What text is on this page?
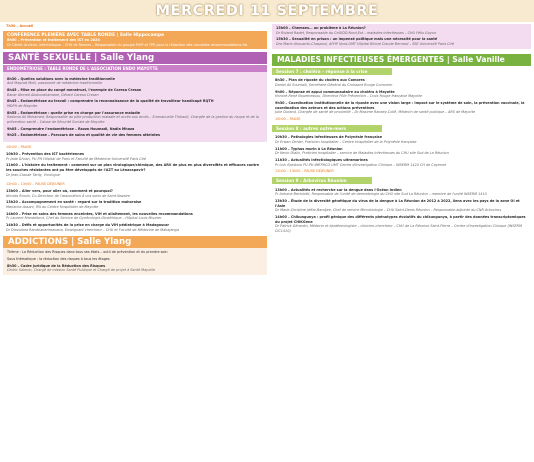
MERCREDI 11 SEPTEMBRE
7h30 – Accueil
CONFÉRENCE PLENIÈRE AVEC TABLE RONDE | Salle Hippocampe
8h00 – Prévention et traitement des IST en 2024
Dr Cédric Arvieux, infectiologue – CHU de Rennes – Responsable du groupe PrEP et TPE pour la rédaction des nouvelles recommandations HA
SANTÉ SEXUELLE | Salle Ylang
ENDOMÉTRIOSE : TABLE RONDE DE L'ASSOCIATION ENDO MAYOTTE
8h30 – Quelles solutions avec la médecine traditionnelle
Anli Magnat Moili, passionné de médecine traditionnelle
8h45 – Mise en place du congé menstruel, l'exemple de Caresa Cresan
Bacar Ahmed Abdourahamane, Gérant Caresa Cresan
8h45 – Endométriose au travail : comprendre la reconnaissance de la qualité de travailleur handicapé RQTH
MDPH de Mayotte
8h55 – Endométriose : quelle prise en charge par l'assurance maladie
Rashma Ali Mohamed, Responsable du pôle production maladie et accès aux droits – Emmanuelle Thibault, Chargée de la gestion du risque et de la prévention santé – Caisse de Sécurité Sociale de Mayotte
9h05 – Comprendre l'endométriose – Razza Houmadi, Nadia Mhaza
9h25 – Endométriose – Parcours de soins et qualité de vie des femmes atteintes
10h00 – PAUSE
10h30 – Prévention des IST bactériennes
Pr Jade Ghosn, PU-PH Hôpital de Paris et Faculté de Médecine Université Paris Cité
11h00 – L'histoire du traitement : comment sur un plan virologique/chimique, des ARV de plus en plus diversifiés et efficaces contre les souches résistantes ont pu être développés de l'AZT au Lénacapavir?
Dr Jean-Claude Tardy, Virologue
12h00 – 13h00 – PAUSE DÉJEUNER
13h00 – Aller vers, pour aller où, comment et pourquoi?
Nicolas Riouin, Co-Directeur de l'association À vos soins de Saint Nazaire
13h20 – Accompagnement en santé : regard sur la tradition mahoraise
Mariacha Assani, IPA au Centre Hospitalier de Mayotte
14h00 – Prise en soins des femmes enceintes, VIH et allaitement, les nouvelles recommandations
Pr Laurent Mandelbrot, Chef du Service de Gynécologie-Obstétrique – Hôpital Louis Mourier
14h30 – Défis et opportunités de la prise en charge du VIH pédiatrique à Madagascar
Dr Diavolana Randrianarimanana, Enseignant chercheur – CHU et Faculté de Médecine de Mahajanga
ADDICTIONS | Salle Ylang
Thème : La Réduction des Risques dans tous ses états – outil de prévention et du prendre soin
Sous thématique : la réduction des risques à tous les étages
8h30 – Cadre juridique de la Réduction des Risques
Cédric Salmon, Chargé de mission Santé Publique et Chargé de projet à Santé Mayotte
15h00 – Chemsex… un problème à La Réunion?
Dr Roland Radet, Responsable du CeGIDD Nord-Est – maladies infectieuses – CHU Félix Guyon
15h30 – Sexualité en prison : un impensé politique mais une nécessité pour la santé
Dra Marie Ahouanto-Chaspoul, APHP Nord-UMT Hôpital Bichat Claude Bernard – SSE Université Paris Cité
MALADIES INFECTIEUSES ÉMERGENTES | Salle Vanille
Session 7 : choléra – réponse à la crise
8h30 – Plan de riposte du choléra aux Comores
Daniel Ali Soumaili, Secrétaire Général du Croissant Rouge Comorien
9h00 – Réponse et appui communautaire au choléra à Mayotte
Honoré-René Nouemessou, Directeur Pôle Prévention – Croix Rouge française Mayotte
9h30 – Coordination institutionnelle de la riposte avec une vision large : impact sur le système de soin, la prévention vaccinale, la coordination des acteurs et des actions préventives
Julie Durand, Chargée de santé de proximité – Dr Maxime Ranaey-Collé, Médecin de santé publique – ARS de Mayotte
10h00 – PAUSE
Session 8 : autres outre-mers
10h30 – Pathologies infectieuses de Polynésie française
Dr Erwan Oehler, Praticien hospitalier – Centre Hospitalier de la Polynésie française
11h00 – Typhus murin à La Réunion
Dr Kevin Diallo, Praticien hospitalier – service de Maladies Infectieuses du CHU site Sud de La Réunion
11h30 – Actualités infectiologiques ultramarines
Pr Loic Epelboin PU-PH IMEPHCO UMT Centre d'Investigation Clinique – INSERM 1424 CH de Cayenne
12h00 – 13h00 – PAUSE DÉJEUNER
Session 9 : Arbovirus Réunion
13h00 – Actualités et recherche sur la dengue dans l'Océan Indien
Pr Antoine Bertolotti, Responsable de l'unité de dermatologie du CHU site Sud La Réunion – membre de l'unité INSERM 1410
13h30 – Étude de la diversité génétique du virus de la dengue à La Réunion de 2012 à 2022, liens avec les pays de la zone OI et l'Asie
Dr Marie-Christine Jaffar-Bandjee, Chef de service Microbiologie – CHU Saint-Denis Réunion – Responsable-adjointe du CNR Arbovirus
14h00 – Chikungunya : profil génique des différents phénotypes évolutifs du chikungunya, à partir des données transcriptomiques du projet CHIKGene
Dr Patrick Gérardin, Médecin et épidémiologiste – clinicien-chercheur – CHU de La Réunion Saint-Pierre – Centre d'Investigation Clinique (INSERM CIC1410)
